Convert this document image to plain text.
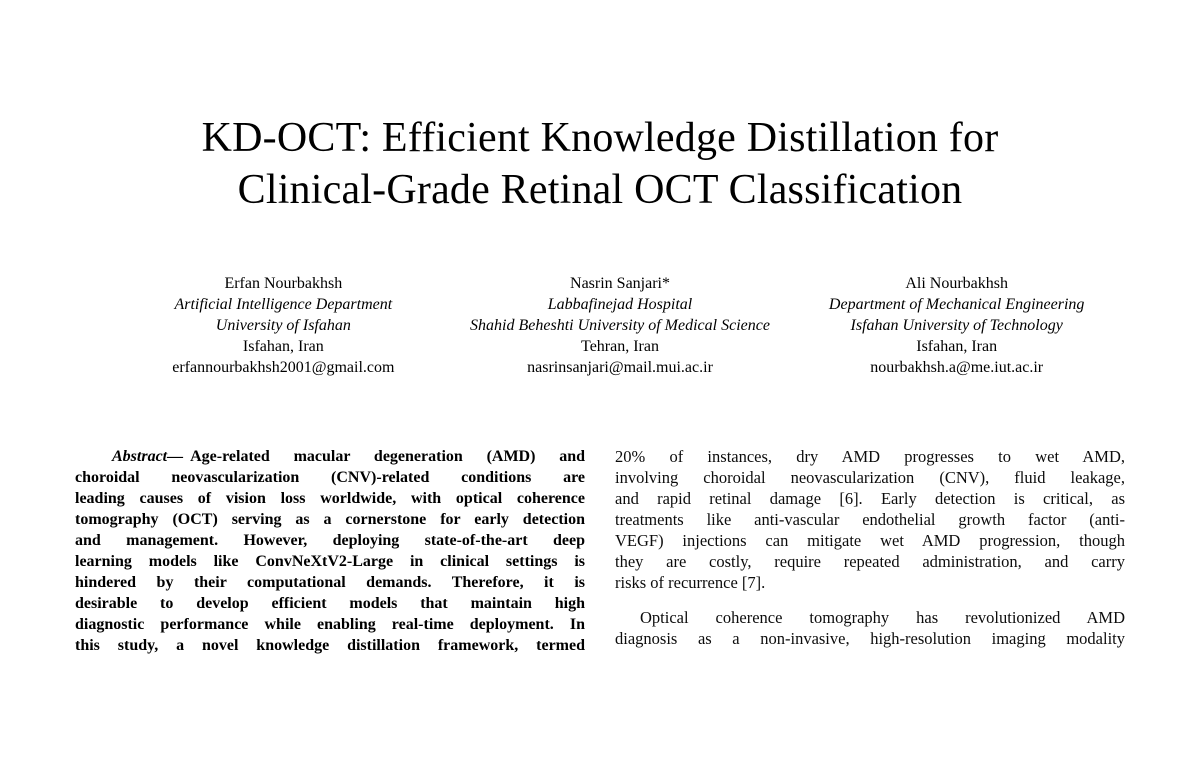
KD-OCT: Efficient Knowledge Distillation for
Clinical-Grade Retinal OCT Classification
Erfan Nourbakhsh
Artificial Intelligence Department
University of Isfahan
Isfahan, Iran
erfannourbakhsh2001@gmail.com
Nasrin Sanjari*
Labbafinejad Hospital
Shahid Beheshti University of Medical Science
Tehran, Iran
nasrinsanjari@mail.mui.ac.ir
Ali Nourbakhsh
Department of Mechanical Engineering
Isfahan University of Technology
Isfahan, Iran
nourbakhsh.a@me.iut.ac.ir
Abstract— Age-related macular degeneration (AMD) and
choroidal neovascularization (CNV)-related conditions are
leading causes of vision loss worldwide, with optical coherence
tomography (OCT) serving as a cornerstone for early detection
and management. However, deploying state-of-the-art deep
learning models like ConvNeXtV2-Large in clinical settings is
hindered by their computational demands. Therefore, it is
desirable to develop efficient models that maintain high
diagnostic performance while enabling real-time deployment. In
this study, a novel knowledge distillation framework, termed
20% of instances, dry AMD progresses to wet AMD,
involving choroidal neovascularization (CNV), fluid leakage,
and rapid retinal damage [6]. Early detection is critical, as
treatments like anti-vascular endothelial growth factor (anti-
VEGF) injections can mitigate wet AMD progression, though
they are costly, require repeated administration, and carry
risks of recurrence [7].
Optical coherence tomography has revolutionized AMD
diagnosis as a non-invasive, high-resolution imaging modality
